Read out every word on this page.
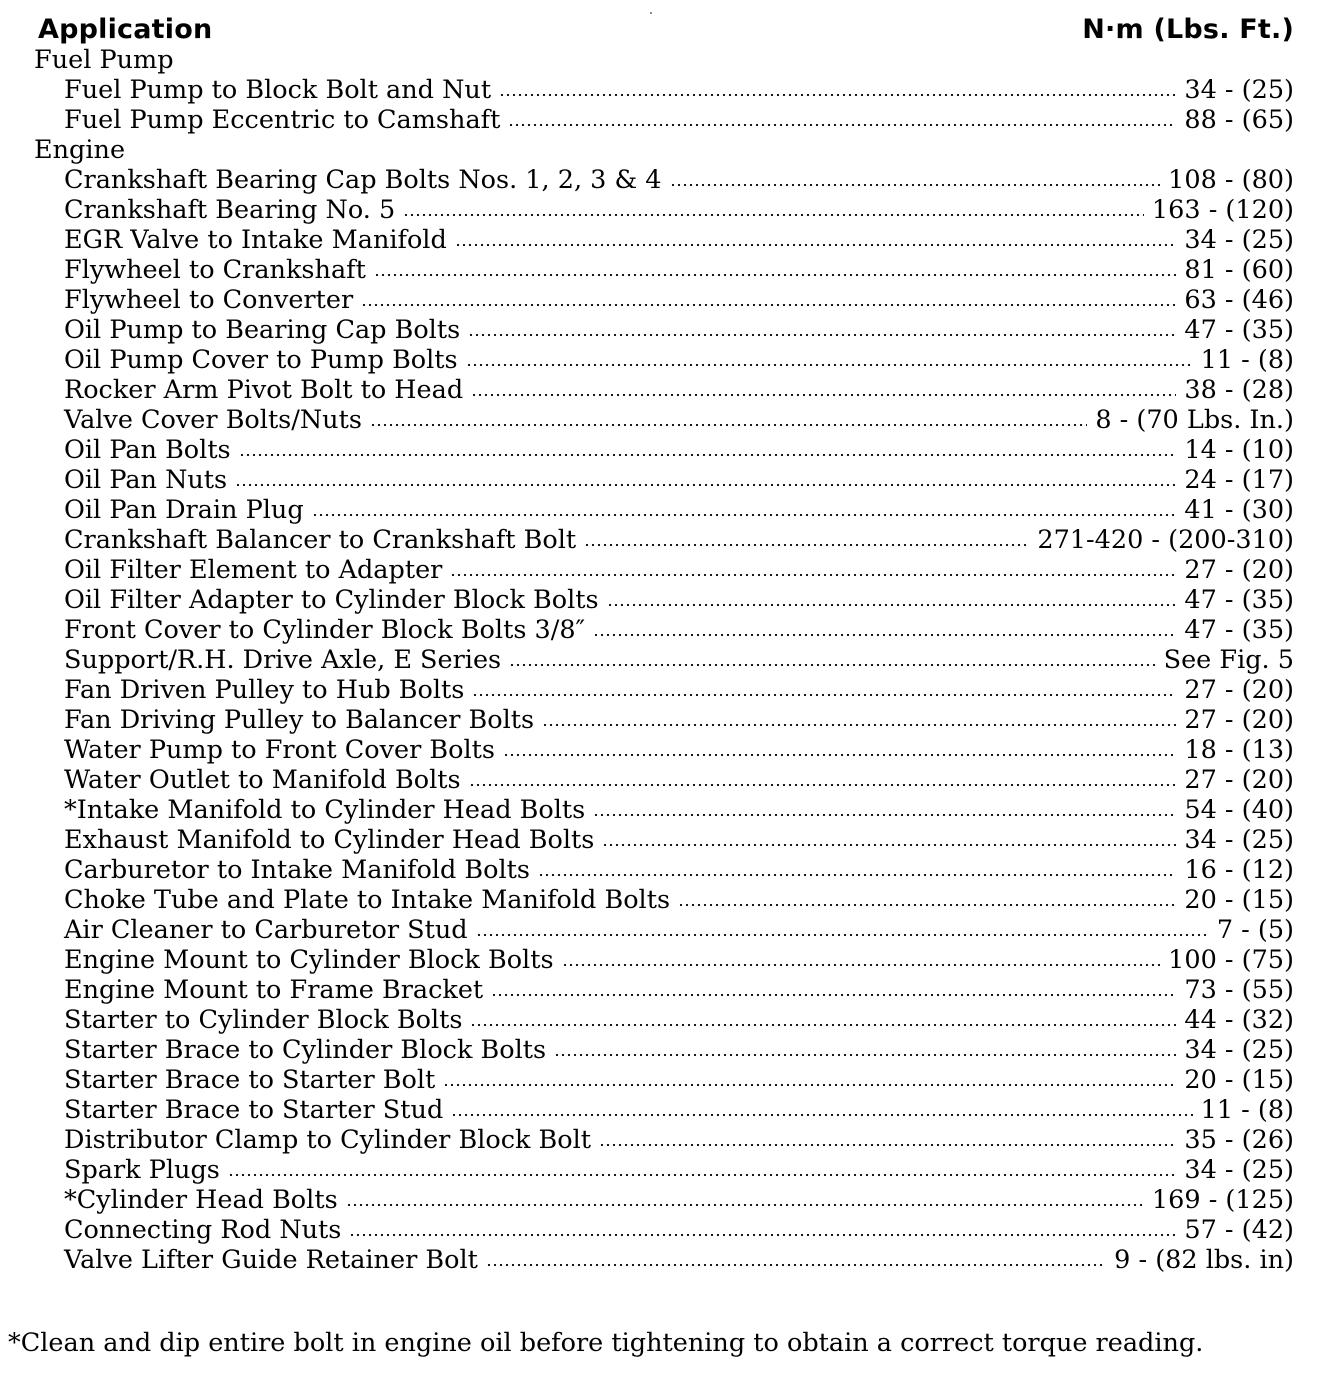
Application	N·m (Lbs. Ft.)
Fuel Pump
Fuel Pump to Block Bolt and Nut	34 - (25)
Fuel Pump Eccentric to Camshaft	88 - (65)
Engine
Crankshaft Bearing Cap Bolts Nos. 1, 2, 3 & 4	108 - (80)
Crankshaft Bearing No. 5	163 - (120)
EGR Valve to Intake Manifold	34 - (25)
Flywheel to Crankshaft	81 - (60)
Flywheel to Converter	63 - (46)
Oil Pump to Bearing Cap Bolts	47 - (35)
Oil Pump Cover to Pump Bolts	11 - (8)
Rocker Arm Pivot Bolt to Head	38 - (28)
Valve Cover Bolts/Nuts	8 - (70 Lbs. In.)
Oil Pan Bolts	14 - (10)
Oil Pan Nuts	24 - (17)
Oil Pan Drain Plug	41 - (30)
Crankshaft Balancer to Crankshaft Bolt	271-420 - (200-310)
Oil Filter Element to Adapter	27 - (20)
Oil Filter Adapter to Cylinder Block Bolts	47 - (35)
Front Cover to Cylinder Block Bolts 3/8″	47 - (35)
Support/R.H. Drive Axle, E Series	See Fig. 5
Fan Driven Pulley to Hub Bolts	27 - (20)
Fan Driving Pulley to Balancer Bolts	27 - (20)
Water Pump to Front Cover Bolts	18 - (13)
Water Outlet to Manifold Bolts	27 - (20)
*Intake Manifold to Cylinder Head Bolts	54 - (40)
Exhaust Manifold to Cylinder Head Bolts	34 - (25)
Carburetor to Intake Manifold Bolts	16 - (12)
Choke Tube and Plate to Intake Manifold Bolts	20 - (15)
Air Cleaner to Carburetor Stud	7 - (5)
Engine Mount to Cylinder Block Bolts	100 - (75)
Engine Mount to Frame Bracket	73 - (55)
Starter to Cylinder Block Bolts	44 - (32)
Starter Brace to Cylinder Block Bolts	34 - (25)
Starter Brace to Starter Bolt	20 - (15)
Starter Brace to Starter Stud	11 - (8)
Distributor Clamp to Cylinder Block Bolt	35 - (26)
Spark Plugs	34 - (25)
*Cylinder Head Bolts	169 - (125)
Connecting Rod Nuts	57 - (42)
Valve Lifter Guide Retainer Bolt	9 - (82 lbs. in)
*Clean and dip entire bolt in engine oil before tightening to obtain a correct torque reading.
